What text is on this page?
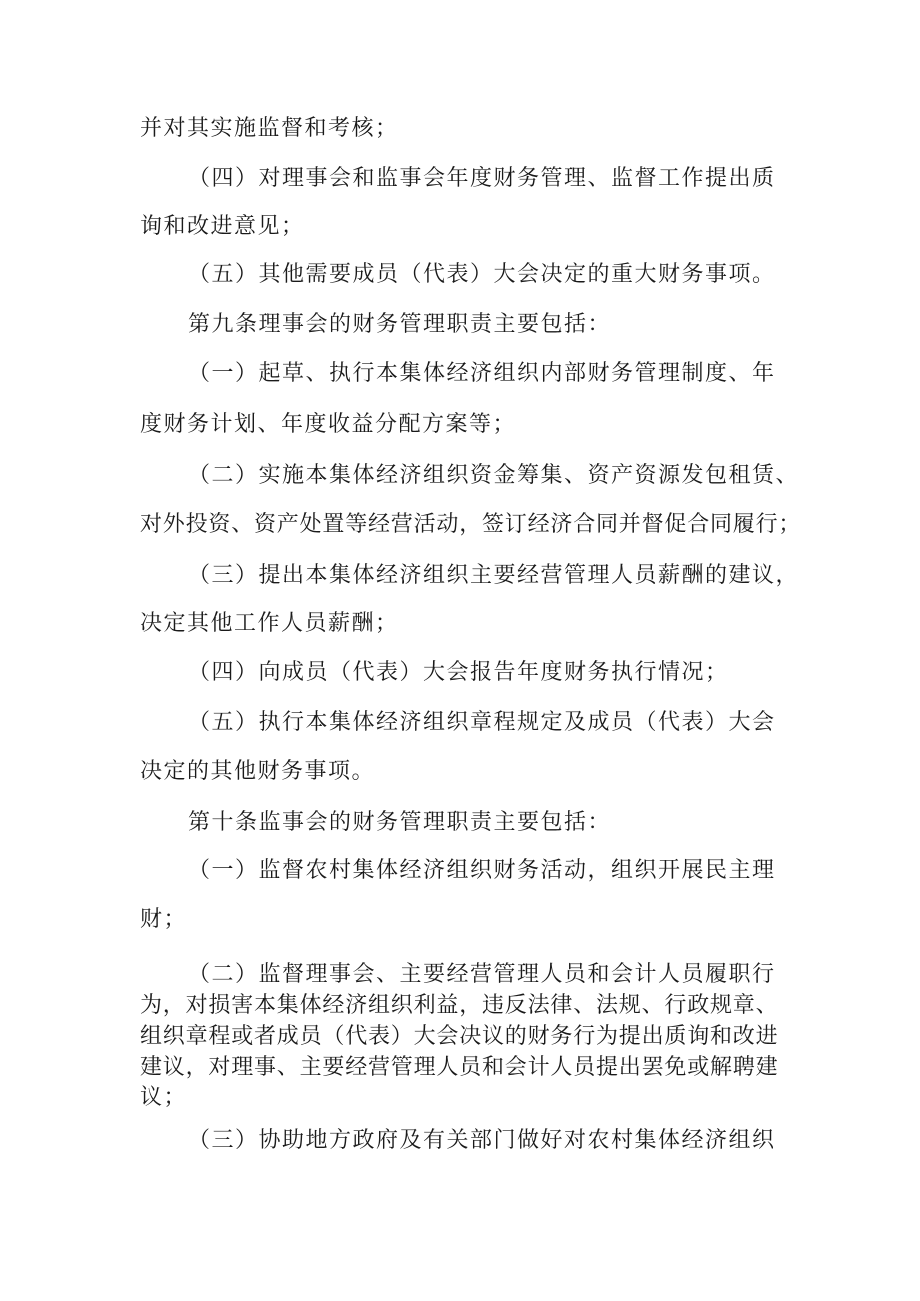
并对其实施监督和考核；
（四）对理事会和监事会年度财务管理、监督工作提出质
询和改进意见；
（五）其他需要成员（代表）大会决定的重大财务事项。
第九条理事会的财务管理职责主要包括：
（一）起草、执行本集体经济组织内部财务管理制度、年
度财务计划、年度收益分配方案等；
（二）实施本集体经济组织资金筹集、资产资源发包租赁、
对外投资、资产处置等经营活动，签订经济合同并督促合同履行；
（三）提出本集体经济组织主要经营管理人员薪酬的建议，
决定其他工作人员薪酬；
（四）向成员（代表）大会报告年度财务执行情况；
（五）执行本集体经济组织章程规定及成员（代表）大会
决定的其他财务事项。
第十条监事会的财务管理职责主要包括：
（一）监督农村集体经济组织财务活动，组织开展民主理
财；
（二）监督理事会、主要经营管理人员和会计人员履职行
为，对损害本集体经济组织利益，违反法律、法规、行政规章、
组织章程或者成员（代表）大会决议的财务行为提出质询和改进
建议，对理事、主要经营管理人员和会计人员提出罢免或解聘建
议；
（三）协助地方政府及有关部门做好对农村集体经济组织
